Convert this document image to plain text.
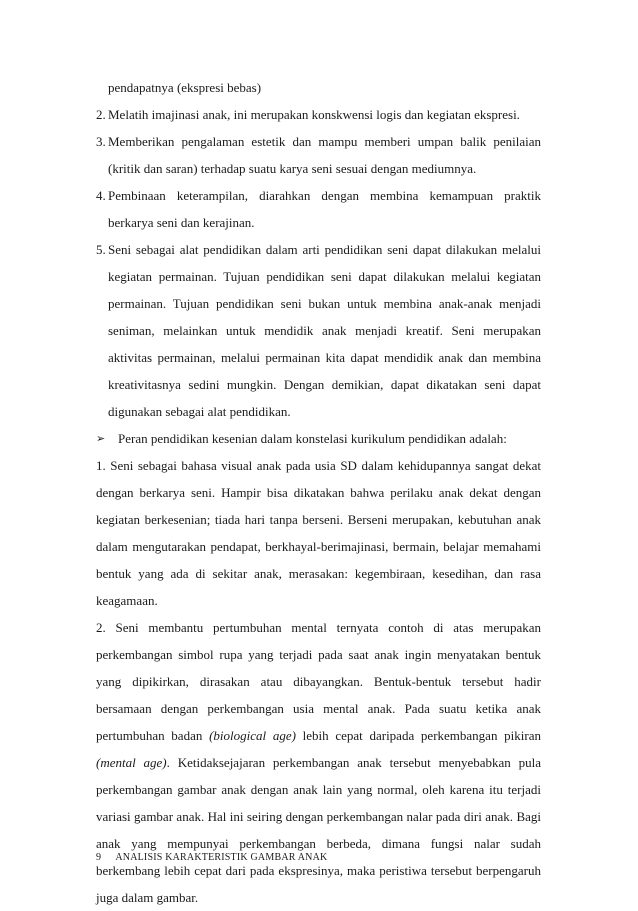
pendapatnya (ekspresi bebas)

2. Melatih imajinasi anak, ini merupakan konskwensi logis dan kegiatan ekspresi.

3. Memberikan pengalaman estetik dan mampu memberi umpan balik penilaian (kritik dan saran) terhadap suatu karya seni sesuai dengan mediumnya.

4. Pembinaan keterampilan, diarahkan dengan membina kemampuan praktik berkarya seni dan kerajinan.

5. Seni sebagai alat pendidikan dalam arti pendidikan seni dapat dilakukan melalui kegiatan permainan. Tujuan pendidikan seni dapat dilakukan melalui kegiatan permainan. Tujuan pendidikan seni bukan untuk membina anak-anak menjadi seniman, melainkan untuk mendidik anak menjadi kreatif. Seni merupakan aktivitas permainan, melalui permainan kita dapat mendidik anak dan membina kreativitasnya sedini mungkin. Dengan demikian, dapat dikatakan seni dapat digunakan sebagai alat pendidikan.

➢ Peran pendidikan kesenian dalam konstelasi kurikulum pendidikan adalah:

1. Seni sebagai bahasa visual anak pada usia SD dalam kehidupannya sangat dekat dengan berkarya seni. Hampir bisa dikatakan bahwa perilaku anak dekat dengan kegiatan berkesenian; tiada hari tanpa berseni. Berseni merupakan, kebutuhan anak dalam mengutarakan pendapat, berkhayal-berimajinasi, bermain, belajar memahami bentuk yang ada di sekitar anak, merasakan: kegembiraan, kesedihan, dan rasa keagamaan.

2. Seni membantu pertumbuhan mental ternyata contoh di atas merupakan perkembangan simbol rupa yang terjadi pada saat anak ingin menyatakan bentuk yang dipikirkan, dirasakan atau dibayangkan. Bentuk-bentuk tersebut hadir bersamaan dengan perkembangan usia mental anak. Pada suatu ketika anak pertumbuhan badan (biological age) lebih cepat daripada perkembangan pikiran (mental age). Ketidaksejajaran perkembangan anak tersebut menyebabkan pula perkembangan gambar anak dengan anak lain yang normal, oleh karena itu terjadi variasi gambar anak. Hal ini seiring dengan perkembangan nalar pada diri anak. Bagi anak yang mempunyai perkembangan berbeda, dimana fungsi nalar sudah berkembang lebih cepat dari pada ekspresinya, maka peristiwa tersebut berpengaruh juga dalam gambar.

9 ANALISIS KARAKTERISTIK GAMBAR ANAK
